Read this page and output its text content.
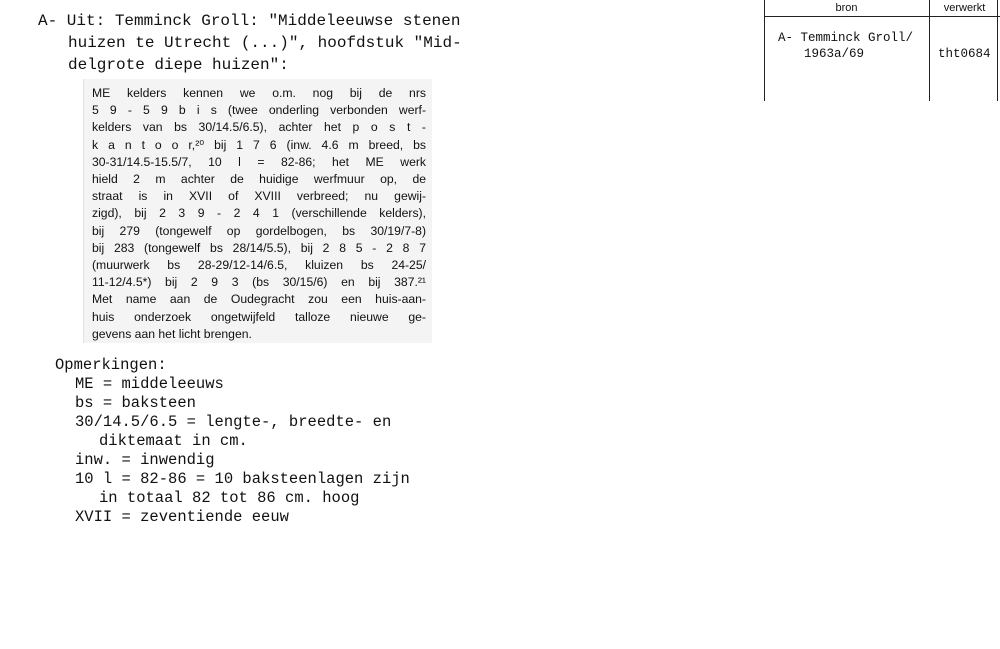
A- Uit: Temminck Groll: "Middeleeuwse stenen
huizen te Utrecht (...)", hoofdstuk "Mid-
delgrote diepe huizen":
ME kelders kennen we o.m. nog bij de nrs
5 9 - 5 9 b i s (twee onderling verbonden werf-
kelders van bs 30/14.5/6.5), achter het p o s t -
k a n t o o r,²⁰ bij 1 7 6 (inw. 4.6 m breed, bs
30-31/14.5-15.5/7, 10 l = 82-86; het ME werk
hield 2 m achter de huidige werfmuur op, de
straat is in XVII of XVIII verbreed; nu gewij-
zigd), bij 2 3 9 - 2 4 1 (verschillende kelders),
bij 279 (tongewelf op gordelbogen, bs 30/19/7-8)
bij 283 (tongewelf bs 28/14/5.5), bij 2 8 5 - 2 8 7
(muurwerk bs 28-29/12-14/6.5, kluizen bs 24-25/
11-12/4.5*) bij 2 9 3 (bs 30/15/6) en bij 387.²¹
Met name aan de Oudegracht zou een huis-aan-
huis onderzoek ongetwijfeld talloze nieuwe ge-
gevens aan het licht brengen.
Opmerkingen:
ME = middeleeuws
bs = baksteen
30/14.5/6.5 = lengte-, breedte- en
diktemaat in cm.
inw. = inwendig
10 l = 82-86 = 10 baksteenlagen zijn
in totaal 82 tot 86 cm. hoog
XVII = zeventiende eeuw
bron	verwerkt
A- Temminck Groll/
1963a/69	tht0684
